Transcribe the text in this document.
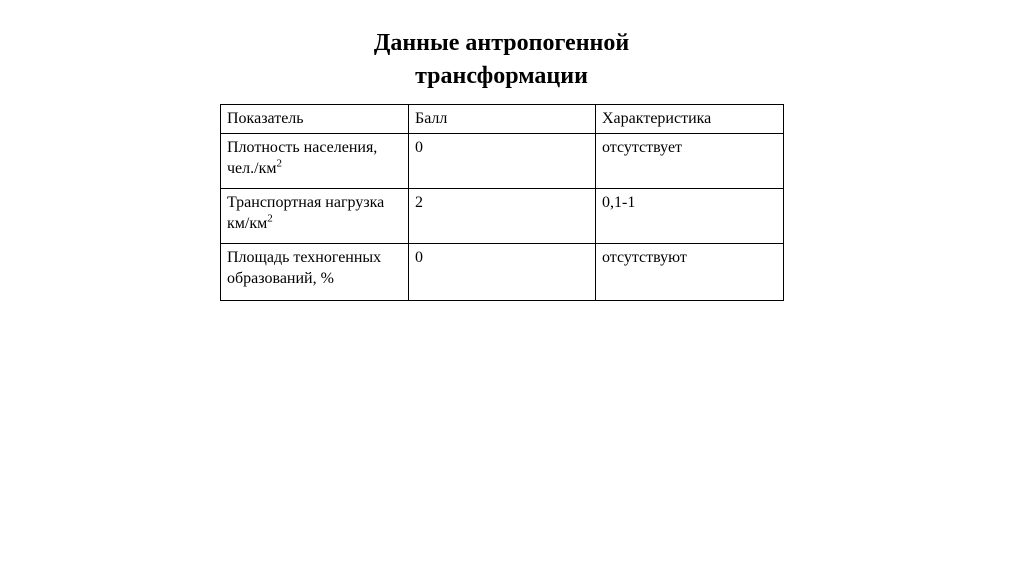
Данные антропогенной
трансформации
Показатель	Балл	Характеристика
Плотность населения, $чел./км^2$	0	отсутствует
Транспортная нагрузка $км/км^2$	2	0,1-1
Площадь техногенных образований, %	0	отсутствуют
